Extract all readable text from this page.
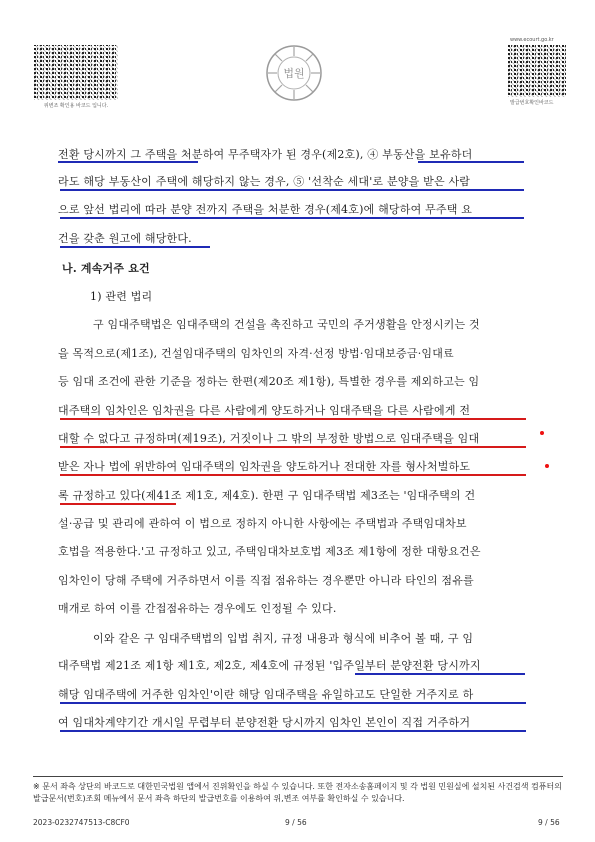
위변조 확인용 바코드 입니다.
법원
www.ecourt.go.kr
발급번호확인바코드
전환 당시까지 그 주택을 처분하여 무주택자가 된 경우(제2호), ④ 부동산을 보유하더
라도 해당 부동산이 주택에 해당하지 않는 경우, ⑤ '선착순 세대'로 분양을 받은 사람
으로 앞선 법리에 따라 분양 전까지 주택을 처분한 경우(제4호)에 해당하여 무주택 요
건을 갖춘 원고에 해당한다.
나. 계속거주 요건
1) 관련 법리
구 임대주택법은 임대주택의 건설을 촉진하고 국민의 주거생활을 안정시키는 것
을 목적으로(제1조), 건설임대주택의 임차인의 자격·선정 방법·임대보증금·임대료
등 임대 조건에 관한 기준을 정하는 한편(제20조 제1항), 특별한 경우를 제외하고는 임
대주택의 임차인은 임차권을 다른 사람에게 양도하거나 임대주택을 다른 사람에게 전
대할 수 없다고 규정하며(제19조), 거짓이나 그 밖의 부정한 방법으로 임대주택을 임대
받은 자나 법에 위반하여 임대주택의 임차권을 양도하거나 전대한 자를 형사처벌하도
록 규정하고 있다(제41조 제1호, 제4호). 한편 구 임대주택법 제3조는 '임대주택의 건
설·공급 및 관리에 관하여 이 법으로 정하지 아니한 사항에는 주택법과 주택임대차보
호법을 적용한다.'고 규정하고 있고, 주택임대차보호법 제3조 제1항에 정한 대항요건은
임차인이 당해 주택에 거주하면서 이를 직접 점유하는 경우뿐만 아니라 타인의 점유를
매개로 하여 이를 간접점유하는 경우에도 인정될 수 있다.
이와 같은 구 임대주택법의 입법 취지, 규정 내용과 형식에 비추어 볼 때, 구 임
대주택법 제21조 제1항 제1호, 제2호, 제4호에 규정된 '입주일부터 분양전환 당시까지
해당 임대주택에 거주한 임차인'이란 해당 임대주택을 유일하고도 단일한 거주지로 하
여 임대차계약기간 개시일 무렵부터 분양전환 당시까지 임차인 본인이 직접 거주하거
※ 문서 좌측 상단의 바코드로 대한민국법원 앱에서 진위확인을 하실 수 있습니다. 또한 전자소송홈페이지 및 각 법원 민원실에 설치된 사건검색 컴퓨터의 발급문서(번호)조회 메뉴에서 문서 좌측 하단의 발급번호를 이용하여 위,변조 여부를 확인하실 수 있습니다.
2023-0232747513-C8CF0	9 / 56	9 / 56
